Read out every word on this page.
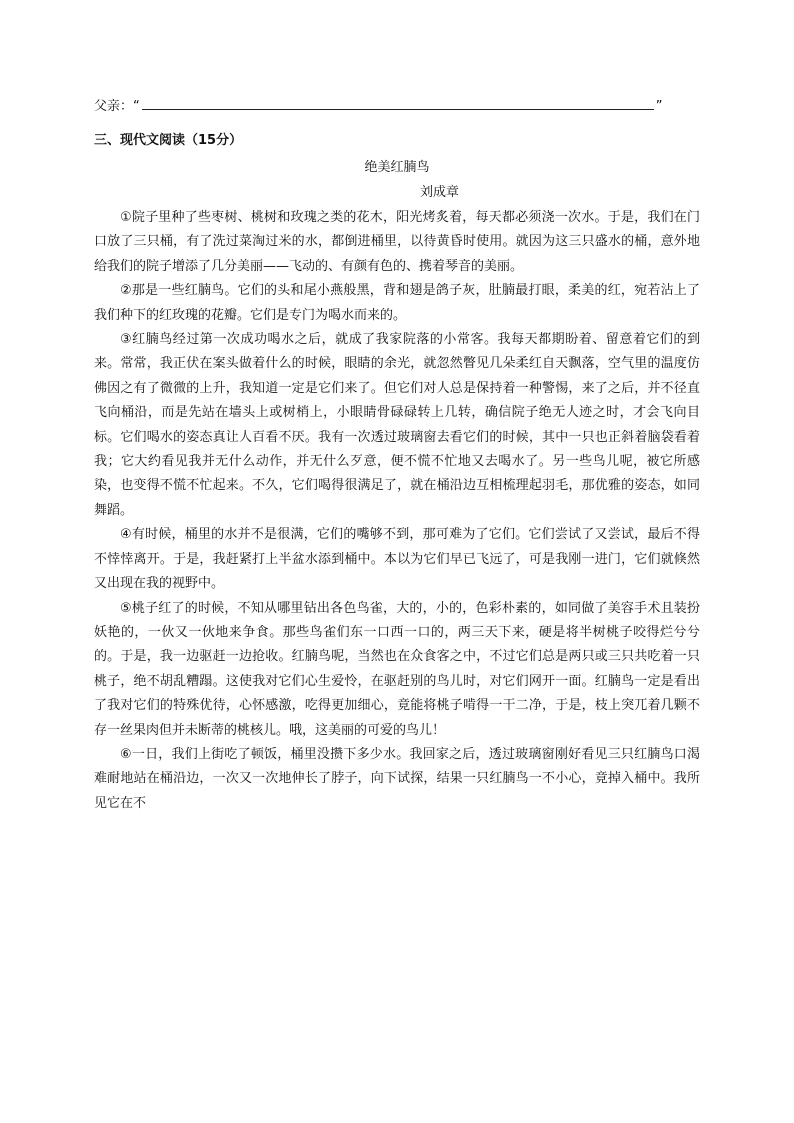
父亲：“	”
三、现代文阅读（15分）
绝美红腩鸟
刘成章

①院子里种了些枣树、桃树和玫瑰之类的花木，阳光烤炙着，每天都必须浇一次水。于是，我们在门口放了三只桶，有了洗过菜淘过米的水，都倒进桶里，以待黄昏时使用。就因为这三只盛水的桶，意外地给我们的院子增添了几分美丽——飞动的、有颜有色的、携着琴音的美丽。

②那是一些红腩鸟。它们的头和尾小燕般黑，背和翅是鸽子灰，肚腩最打眼，柔美的红，宛若沾上了我们种下的红玫瑰的花瓣。它们是专门为喝水而来的。

③红腩鸟经过第一次成功喝水之后，就成了我家院落的小常客。我每天都期盼着、留意着它们的到来。常常，我正伏在案头做着什么的时候，眼睛的余光，就忽然瞥见几朵柔红自天飘落，空气里的温度仿佛因之有了微微的上升，我知道一定是它们来了。但它们对人总是保持着一种警惕，来了之后，并不径直飞向桶沿，而是先站在墙头上或树梢上，小眼睛骨碌碌转上几转，确信院子绝无人迹之时，才会飞向目标。它们喝水的姿态真让人百看不厌。我有一次透过玻璃窗去看它们的时候，其中一只也正斜着脑袋看着我；它大约看见我并无什么动作，并无什么歹意，便不慌不忙地又去喝水了。另一些鸟儿呢，被它所感染，也变得不慌不忙起来。不久，它们喝得很满足了，就在桶沿边互相梳理起羽毛，那优雅的姿态，如同舞蹈。

④有时候，桶里的水并不是很满，它们的嘴够不到，那可难为了它们。它们尝试了又尝试，最后不得不悻悻离开。于是，我赶紧打上半盆水添到桶中。本以为它们早已飞远了，可是我刚一进门，它们就倏然又出现在我的视野中。

⑤桃子红了的时候，不知从哪里钻出各色鸟雀，大的，小的，色彩朴素的，如同做了美容手术且装扮妖艳的，一伙又一伙地来争食。那些鸟雀们东一口西一口的，两三天下来，硬是将半树桃子咬得烂兮兮的。于是，我一边驱赶一边抢收。红腩鸟呢，当然也在众食客之中，不过它们总是两只或三只共吃着一只桃子，绝不胡乱糟蹋。这使我对它们心生爱怜，在驱赶别的鸟儿时，对它们网开一面。红腩鸟一定是看出了我对它们的特殊优待，心怀感激，吃得更加细心，竟能将桃子啃得一干二净，于是，枝上突兀着几颗不存一丝果肉但并未断蒂的桃核儿。哦，这美丽的可爱的鸟儿！

⑥一日，我们上街吃了顿饭，桶里没攒下多少水。我回家之后，透过玻璃窗刚好看见三只红腩鸟口渴难耐地站在桶沿边，一次又一次地伸长了脖子，向下试探，结果一只红腩鸟一不小心，竟掉入桶中。我所见它在不
